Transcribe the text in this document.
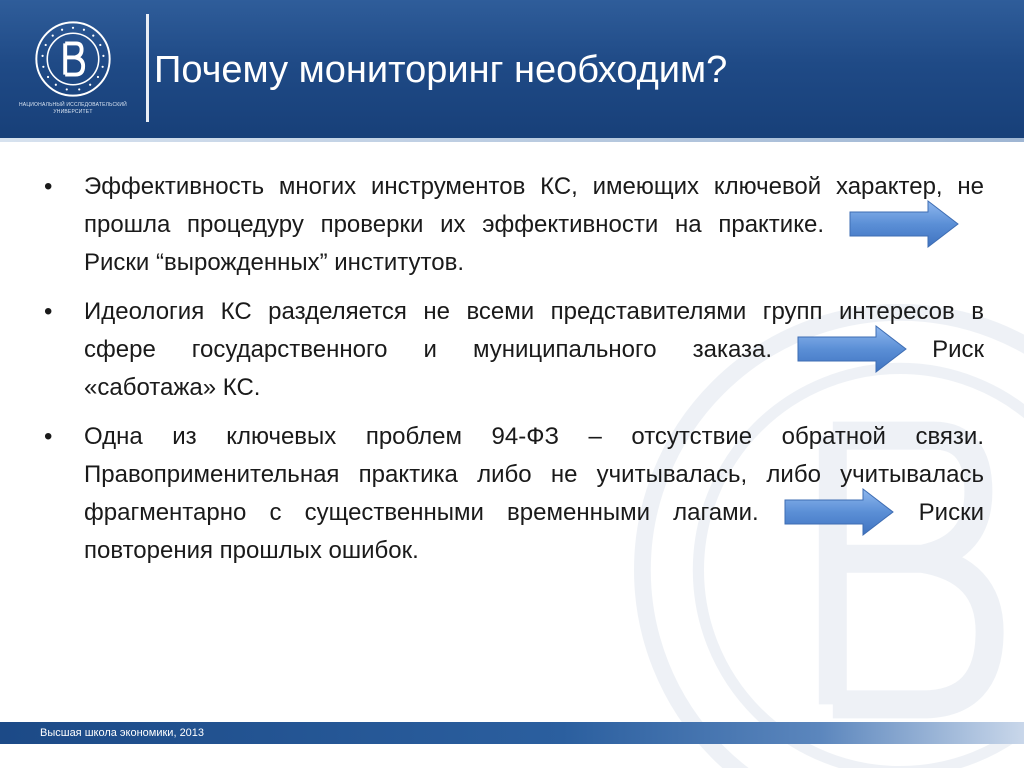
НАЦИОНАЛЬНЫЙ ИССЛЕДОВАТЕЛЬСКИЙ УНИВЕРСИТЕТ
Почему мониторинг необходим?
• Эффективность многих инструментов КС, имеющих ключевой характер, не прошла процедуру проверки их эффективности на практике.
Риски “вырожденных” институтов.
• Идеология КС разделяется не всеми представителями групп интересов в сфере государственного и муниципального заказа.	Риск «саботажа» КС.
• Одна из ключевых проблем 94-ФЗ – отсутствие обратной связи. Правоприменительная практика либо не учитывалась, либо учитывалась фрагментарно с существенными временными лагами.	Риски повторения прошлых ошибок.
Высшая школа экономики, 2013
